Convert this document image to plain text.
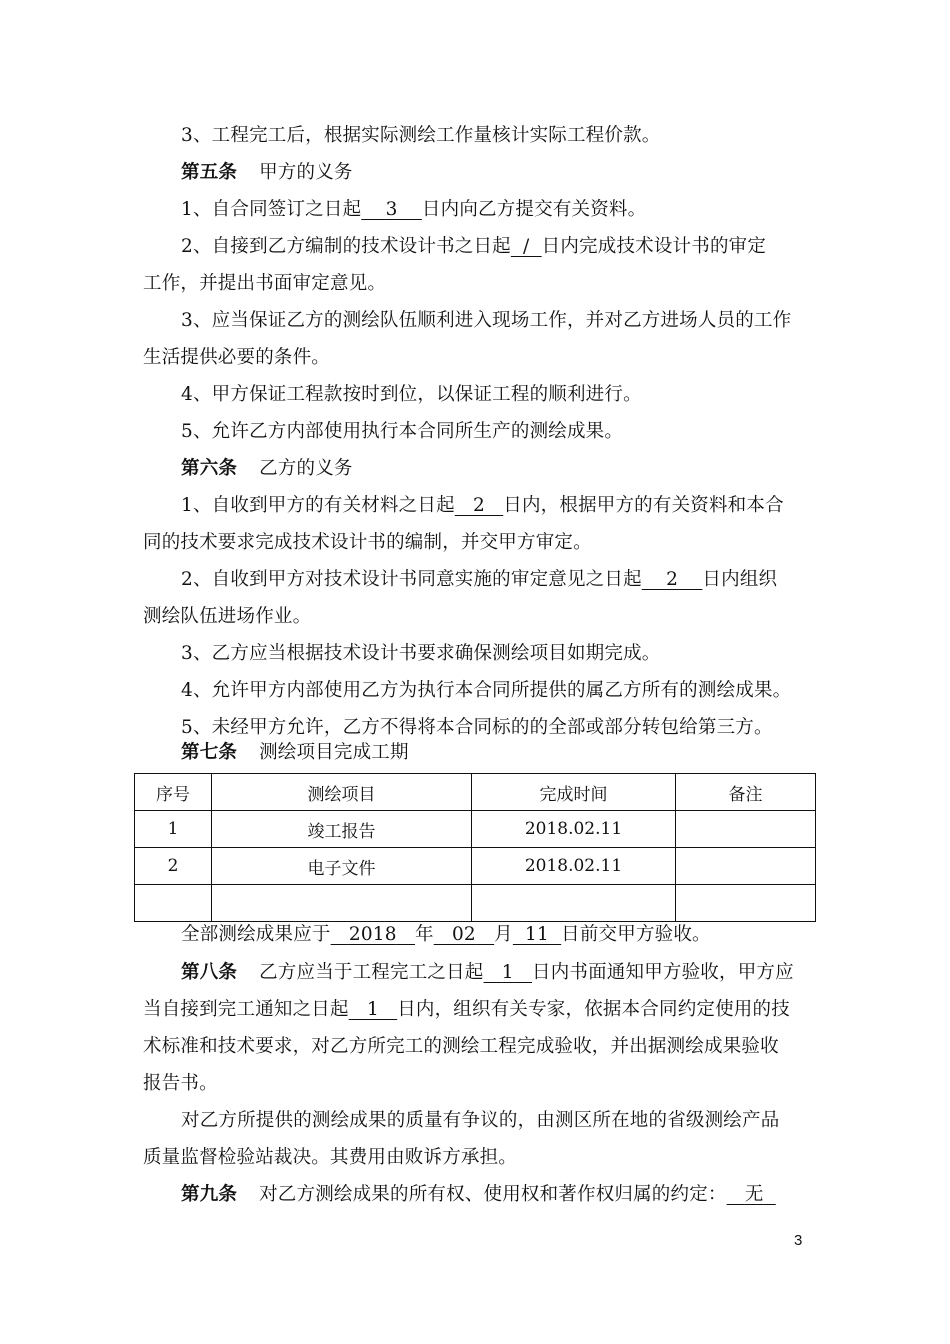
3、工程完工后，根据实际测绘工作量核计实际工程价款。
第五条 甲方的义务
1、自合同签订之日起 3 日内向乙方提交有关资料。
2、自接到乙方编制的技术设计书之日起 / 日内完成技术设计书的审定
工作，并提出书面审定意见。
3、应当保证乙方的测绘队伍顺利进入现场工作，并对乙方进场人员的工作
生活提供必要的条件。
4、甲方保证工程款按时到位，以保证工程的顺利进行。
5、允许乙方内部使用执行本合同所生产的测绘成果。
第六条 乙方的义务
1、自收到甲方的有关材料之日起 2 日内，根据甲方的有关资料和本合
同的技术要求完成技术设计书的编制，并交甲方审定。
2、自收到甲方对技术设计书同意实施的审定意见之日起 2 日内组织
测绘队伍进场作业。
3、乙方应当根据技术设计书要求确保测绘项目如期完成。
4、允许甲方内部使用乙方为执行本合同所提供的属乙方所有的测绘成果。
5、未经甲方允许，乙方不得将本合同标的的全部或部分转包给第三方。
第七条 测绘项目完成工期
序号	测绘项目	完成时间	备注
1	竣工报告	2018.02.11	
2	电子文件	2018.02.11	

全部测绘成果应于 2018 年 02 月 11 日前交甲方验收。
第八条 乙方应当于工程完工之日起 1 日内书面通知甲方验收，甲方应
当自接到完工通知之日起 1 日内，组织有关专家，依据本合同约定使用的技
术标准和技术要求，对乙方所完工的测绘工程完成验收，并出据测绘成果验收
报告书。
对乙方所提供的测绘成果的质量有争议的，由测区所在地的省级测绘产品
质量监督检验站裁决。其费用由败诉方承担。
第九条 对乙方测绘成果的所有权、使用权和著作权归属的约定： 无
3
